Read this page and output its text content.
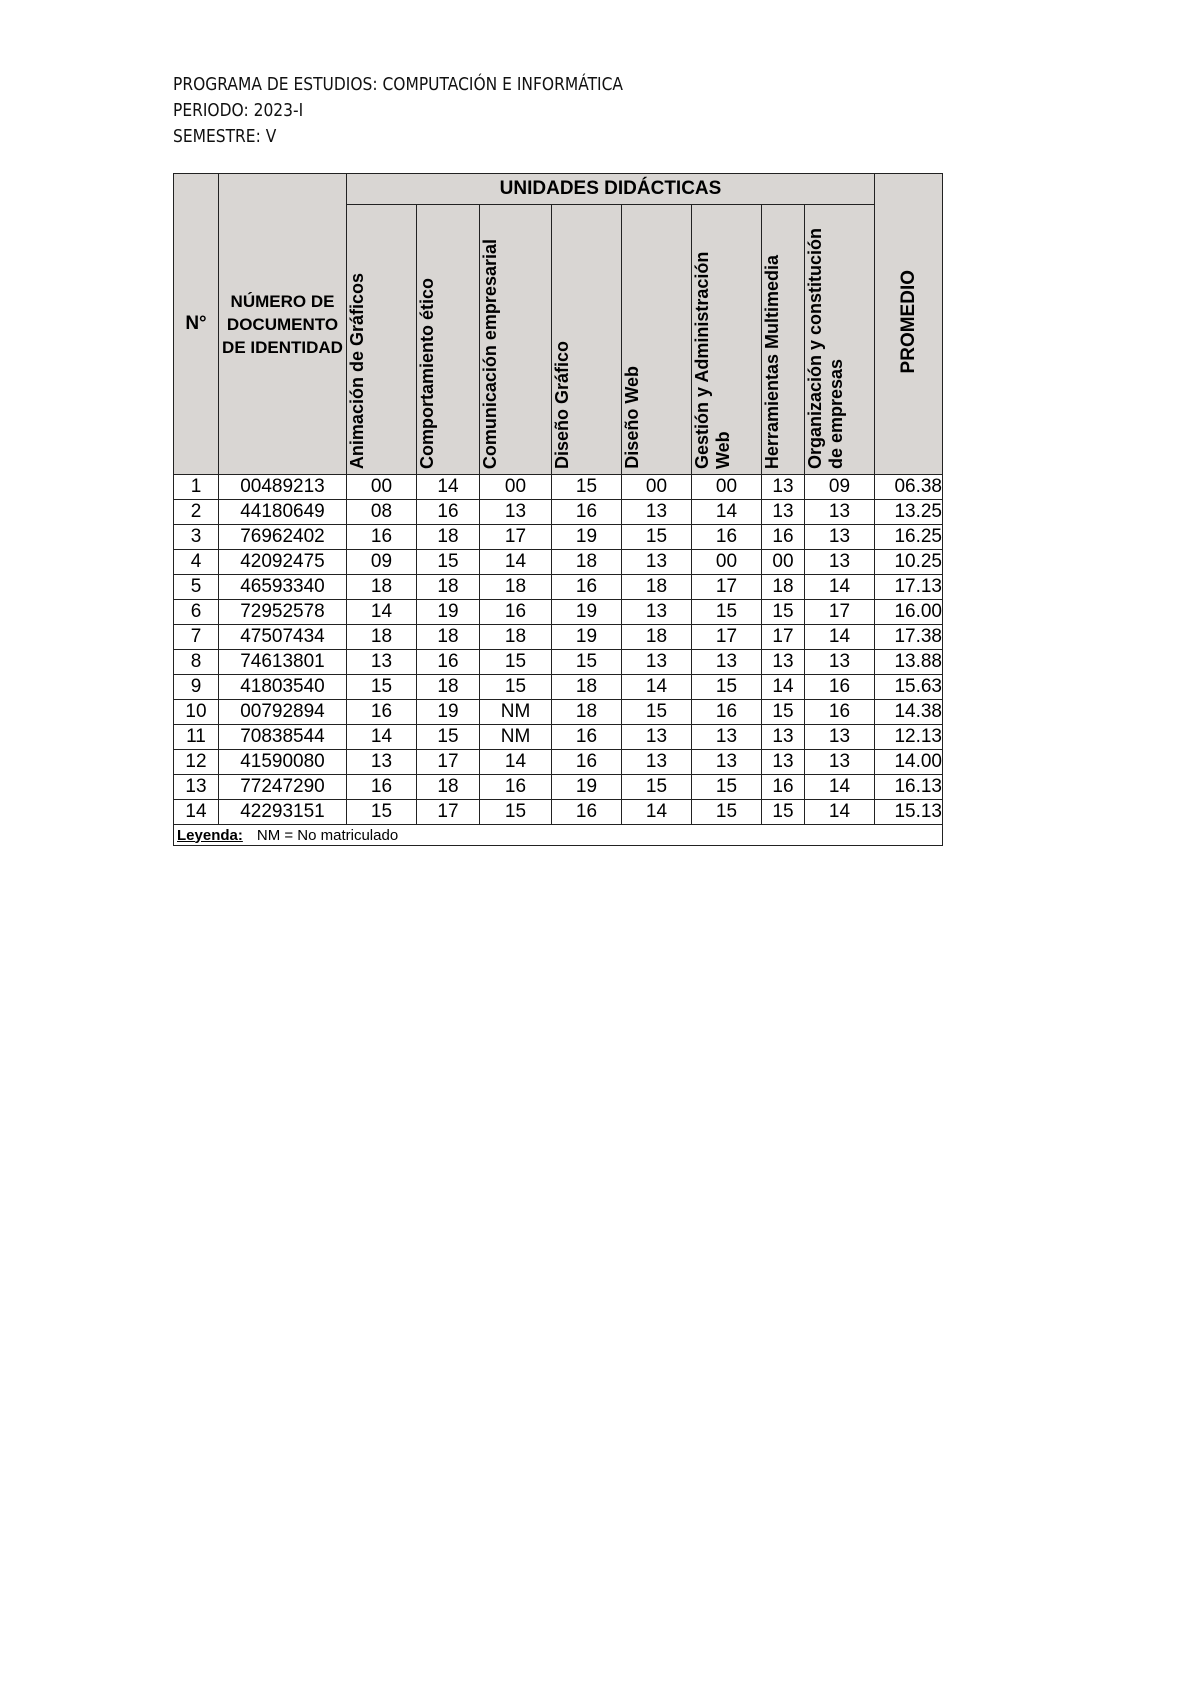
PROGRAMA DE ESTUDIOS: COMPUTACIÓN E INFORMÁTICA
PERIODO: 2023-I
SEMESTRE: V
N°	NÚMERO DE DOCUMENTO DE IDENTIDAD	UNIDADES DIDÁCTICAS								PROMEDIO
		Animación de Gráficos	Comportamiento ético	Comunicación empresarial	Diseño Gráfico	Diseño Web	Gestión y Administración Web	Herramientas Multimedia	Organización y constitución de empresas	
1	00489213	00	14	00	15	00	00	13	09	06.38
2	44180649	08	16	13	16	13	14	13	13	13.25
3	76962402	16	18	17	19	15	16	16	13	16.25
4	42092475	09	15	14	18	13	00	00	13	10.25
5	46593340	18	18	18	16	18	17	18	14	17.13
6	72952578	14	19	16	19	13	15	15	17	16.00
7	47507434	18	18	18	19	18	17	17	14	17.38
8	74613801	13	16	15	15	13	13	13	13	13.88
9	41803540	15	18	15	18	14	15	14	16	15.63
10	00792894	16	19	NM	18	15	16	15	16	14.38
11	70838544	14	15	NM	16	13	13	13	13	12.13
12	41590080	13	17	14	16	13	13	13	13	14.00
13	77247290	16	18	16	19	15	15	16	14	16.13
14	42293151	15	17	15	16	14	15	15	14	15.13
Leyenda: NM = No matriculado										
